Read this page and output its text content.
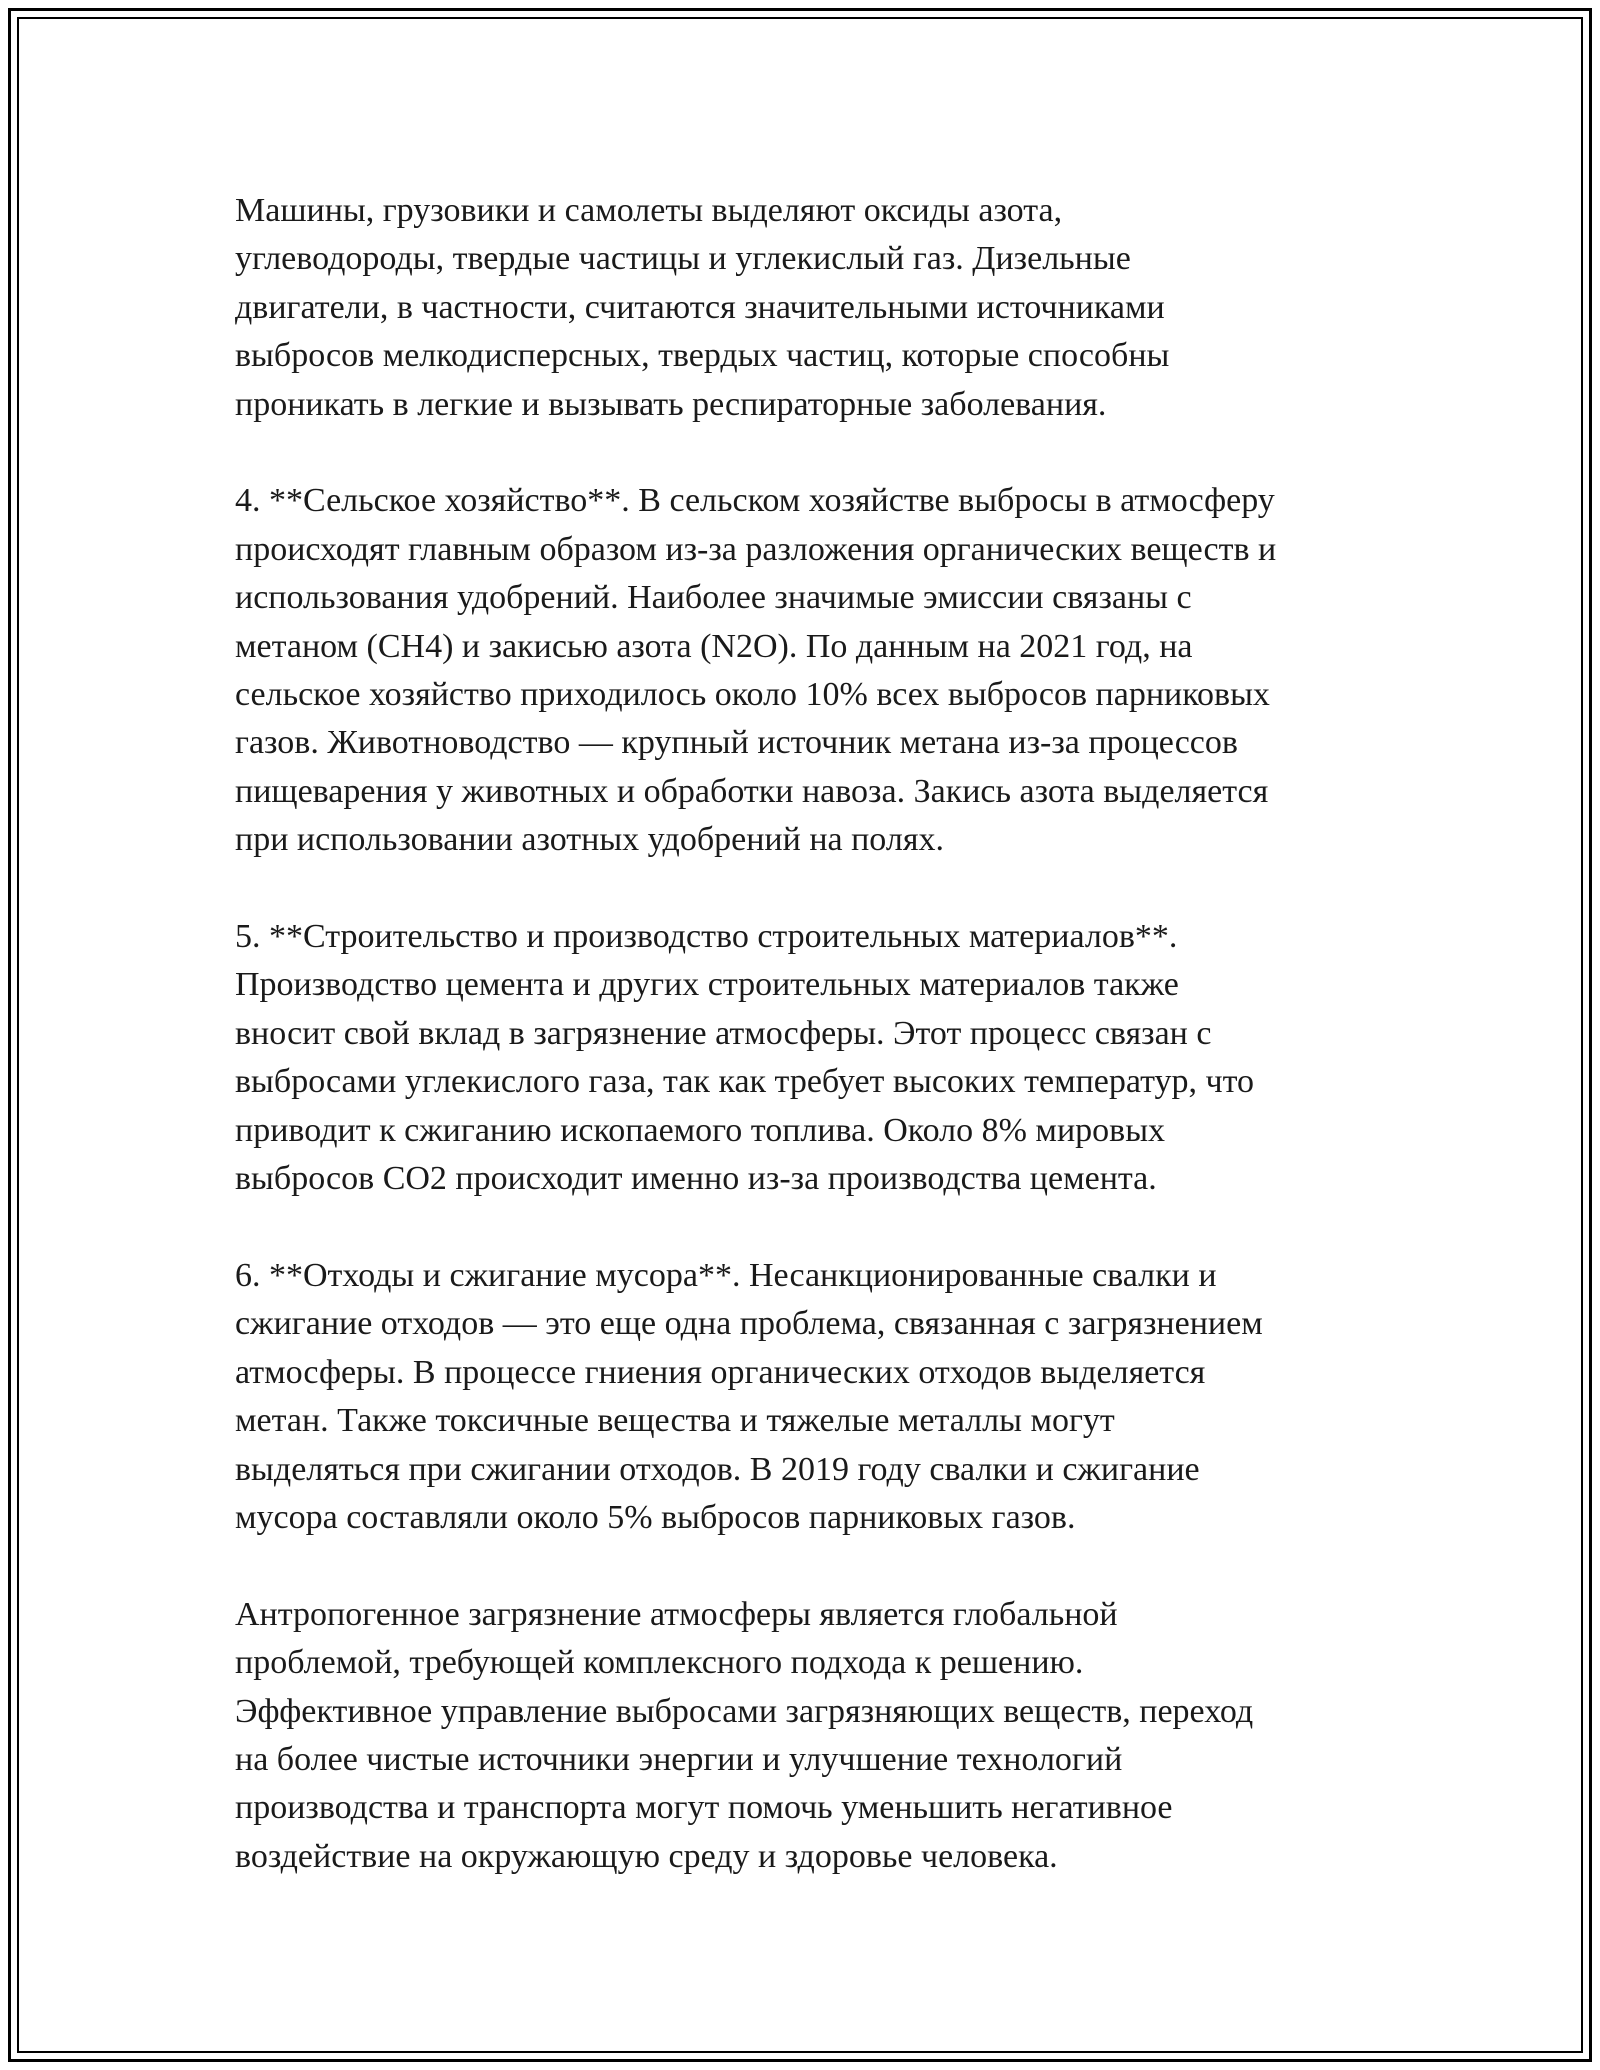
Машины, грузовики и самолеты выделяют оксиды азота,
углеводороды, твердые частицы и углекислый газ. Дизельные
двигатели, в частности, считаются значительными источниками
выбросов мелкодисперсных, твердых частиц, которые способны
проникать в легкие и вызывать респираторные заболевания.

4. **Сельское хозяйство**. В сельском хозяйстве выбросы в атмосферу
происходят главным образом из-за разложения органических веществ и
использования удобрений. Наиболее значимые эмиссии связаны с
метаном (CH4) и закисью азота (N2O). По данным на 2021 год, на
сельское хозяйство приходилось около 10% всех выбросов парниковых
газов. Животноводство — крупный источник метана из-за процессов
пищеварения у животных и обработки навоза. Закись азота выделяется
при использовании азотных удобрений на полях.

5. **Строительство и производство строительных материалов**.
Производство цемента и других строительных материалов также
вносит свой вклад в загрязнение атмосферы. Этот процесс связан с
выбросами углекислого газа, так как требует высоких температур, что
приводит к сжиганию ископаемого топлива. Около 8% мировых
выбросов CO2 происходит именно из-за производства цемента.

6. **Отходы и сжигание мусора**. Несанкционированные свалки и
сжигание отходов — это еще одна проблема, связанная с загрязнением
атмосферы. В процессе гниения органических отходов выделяется
метан. Также токсичные вещества и тяжелые металлы могут
выделяться при сжигании отходов. В 2019 году свалки и сжигание
мусора составляли около 5% выбросов парниковых газов.

Антропогенное загрязнение атмосферы является глобальной
проблемой, требующей комплексного подхода к решению.
Эффективное управление выбросами загрязняющих веществ, переход
на более чистые источники энергии и улучшение технологий
производства и транспорта могут помочь уменьшить негативное
воздействие на окружающую среду и здоровье человека.
